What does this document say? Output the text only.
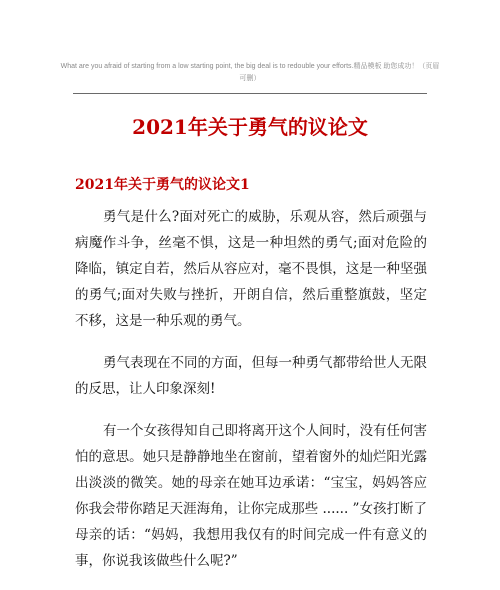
What are you afraid of starting from a low starting point, the big deal is to redouble your efforts.精品模板 助您成功！（页眉可删）
2021年关于勇气的议论文
2021年关于勇气的议论文1

勇气是什么?面对死亡的威胁，乐观从容，然后顽强与病魔作斗争，丝毫不惧，这是一种坦然的勇气;面对危险的降临，镇定自若，然后从容应对，毫不畏惧，这是一种坚强的勇气;面对失败与挫折，开朗自信，然后重整旗鼓，坚定不移，这是一种乐观的勇气。

勇气表现在不同的方面，但每一种勇气都带给世人无限的反思，让人印象深刻!

有一个女孩得知自己即将离开这个人间时，没有任何害怕的意思。她只是静静地坐在窗前，望着窗外的灿烂阳光露出淡淡的微笑。她的母亲在她耳边承诺：“宝宝，妈妈答应你我会带你踏足天涯海角，让你完成那些 ...... ”女孩打断了母亲的话：“妈妈，我想用我仅有的时间完成一件有意义的事，你说我该做些什么呢?”
